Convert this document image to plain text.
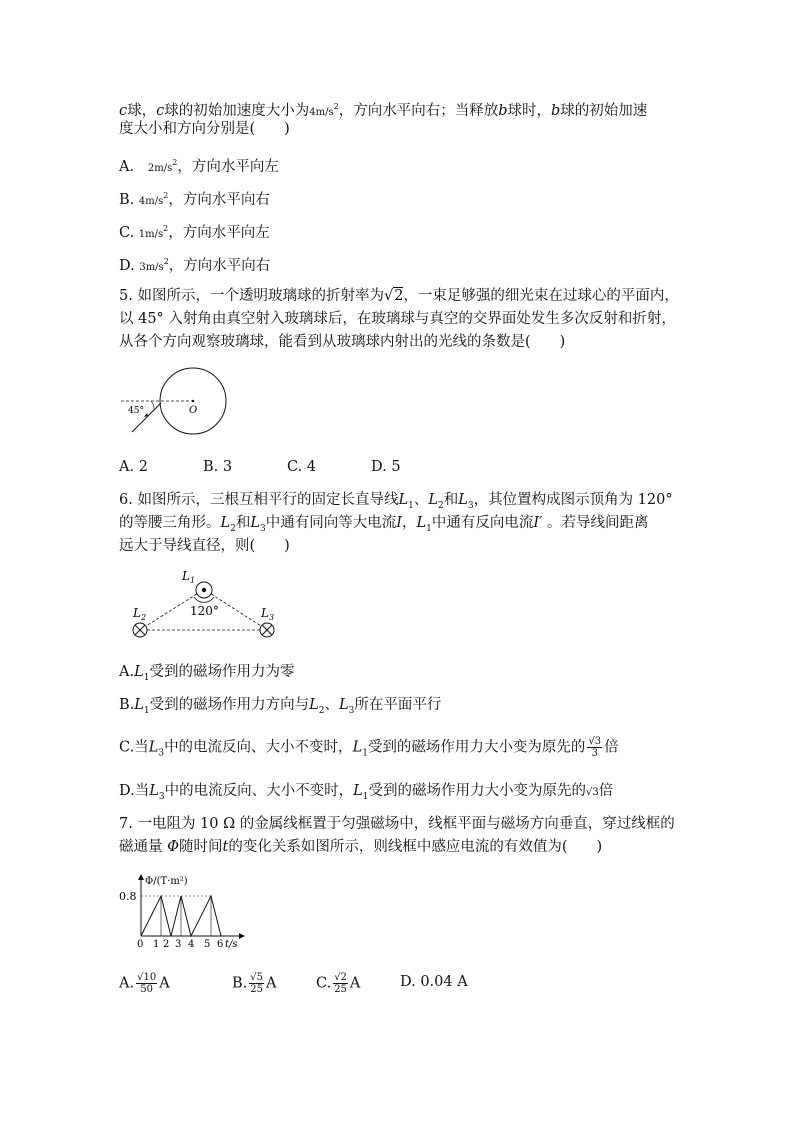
c球，c球的初始加速度大小为$4m/s^2$，方向水平向右；当释放b球时，b球的初始加速
度大小和方向分别是(　　)
A. $2m/s^2$，方向水平向左
B. $4m/s^2$，方向水平向右
C. $1m/s^2$，方向水平向左
D. $3m/s^2$，方向水平向右
5. 如图所示，一个透明玻璃球的折射率为√2，一束足够强的细光束在过球心的平面内，
以 45° 入射角由真空射入玻璃球后，在玻璃球与真空的交界面处发生多次反射和折射，
从各个方向观察玻璃球，能看到从玻璃球内射出的光线的条数是(　　)
45°	O
A. 2	B. 3	C. 4	D. 5
6. 如图所示，三根互相平行的固定长直导线$L_1$、$L_2$和$L_3$，其位置构成图示顶角为 120°
的等腰三角形。$L_2$和$L_3$中通有同向等大电流I，$L_1$中通有反向电流I′ 。若导线间距离
远大于导线直径，则(　　)
$L_1$
$L_2$	$L_3$
120°
$A.L_1$受到的磁场作用力为零
$B.L_1$受到的磁场作用力方向与$L_2$、$L_3$所在平面平行
C.当$L_3$中的电流反向、大小不变时，$L_1$受到的磁场作用力大小变为原先的 $\frac{√3}{3}$ 倍
D.当$L_3$中的电流反向、大小不变时，$L_1$受到的磁场作用力大小变为原先的√3倍
7. 一电阻为 10 Ω 的金属线框置于匀强磁场中，线框平面与磁场方向垂直，穿过线框的
磁通量 Φ随时间t的变化关系如图所示，则线框中感应电流的有效值为(　　)
Φ/(T·m²)
0.8
0 1 2 3 4 5 6 t/s
A. $\frac{√10}{50}$ A	B. $\frac{√5}{25}$ A	C. $\frac{√2}{25}$ A	D. 0.04 A
